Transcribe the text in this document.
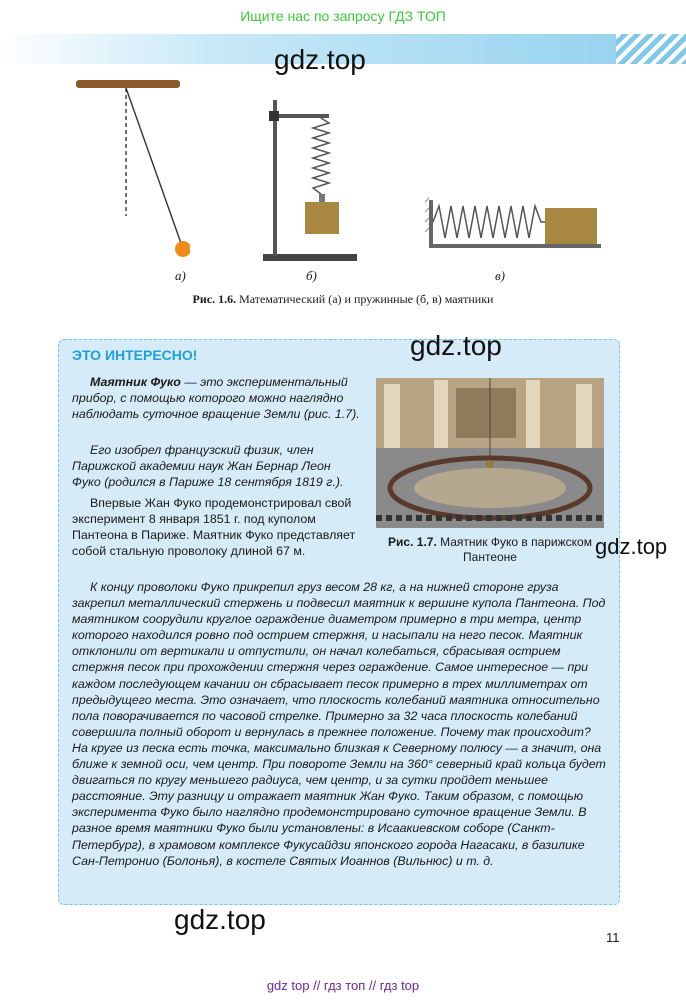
Ищите нас по запросу ГДЗ ТОП
gdz.top
а)	б)	в)
Рис. 1.6. Математический (а) и пружинные (б, в) маятники
ЭТО ИНТЕРЕСНО!	gdz.top
Маятник Фуко — это экспериментальный прибор, с помощью которого можно наглядно наблюдать суточное вращение Земли (рис. 1.7).
Его изобрел французский физик, член Парижской академии наук Жан Бернар Леон Фуко (родился в Париже 18 сентября 1819 г.).
Впервые Жан Фуко продемонстрировал свой эксперимент 8 января 1851 г. под куполом Пантеона в Париже. Маятник Фуко представляет собой стальную проволоку длиной 67 м.
Рис. 1.7. Маятник Фуко в парижском Пантеоне	gdz.top
К концу проволоки Фуко прикрепил груз весом 28 кг, а на нижней стороне груза закрепил металлический стержень и подвесил маятник к вершине купола Пантеона. Под маятником соорудили круглое ограждение диаметром примерно в три метра, центр которого находился ровно под острием стержня, и насыпали на него песок. Маятник отклонили от вертикали и отпустили, он начал колебаться, сбрасывая острием стержня песок при прохождении стержня через ограждение. Самое интересное — при каждом последующем качании он сбрасывает песок примерно в трех миллиметрах от предыдущего места. Это означает, что плоскость колебаний маятника относительно пола поворачивается по часовой стрелке. Примерно за 32 часа плоскость колебаний совершила полный оборот и вернулась в прежнее положение. Почему так происходит? На круге из песка есть точка, максимально близкая к Северному полюсу — а значит, она ближе к земной оси, чем центр. При повороте Земли на 360° северный край кольца будет двигаться по кругу меньшего радиуса, чем центр, и за сутки пройдет меньшее расстояние. Эту разницу и отражает маятник Жан Фуко. Таким образом, с помощью эксперимента Фуко было наглядно продемонстрировано суточное вращение Земли. В разное время маятники Фуко были установлены: в Исаакиевском соборе (Санкт-Петербург), в храмовом комплексе Фукусайдзи японского города Нагасаки, в базилике Сан-Петронио (Болонья), в костеле Святых Иоаннов (Вильнюс) и т. д.
gdz.top
11
gdz top // гдз топ // гдз top
